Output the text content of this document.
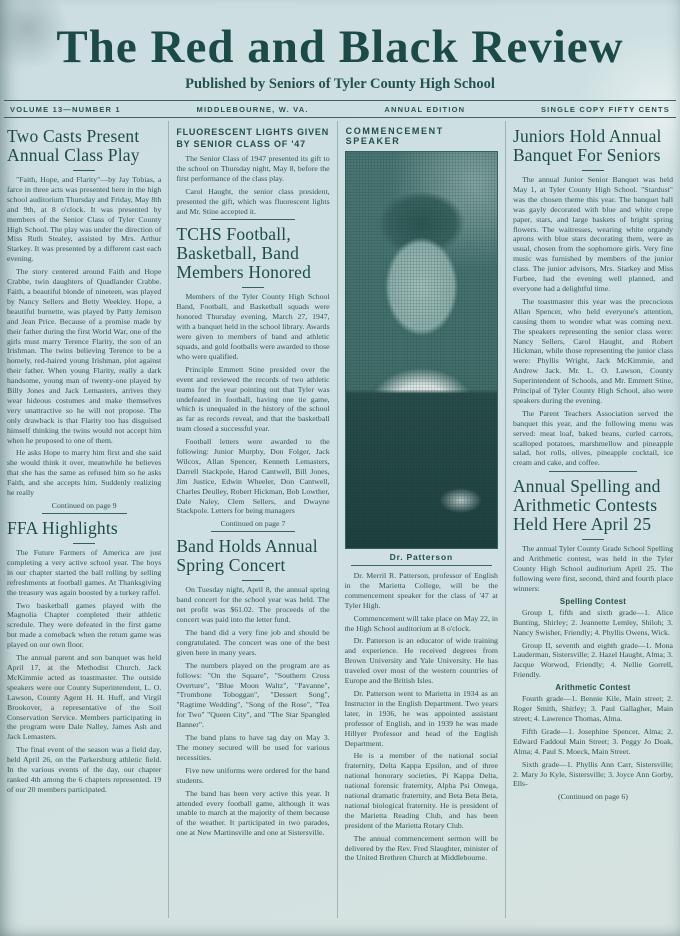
The Red and Black Review
Published by Seniors of Tyler County High School
VOLUME 13—NUMBER 1	MIDDLEBOURNE, W. VA.	ANNUAL EDITION	SINGLE COPY FIFTY CENTS
Two Casts Present Annual Class Play

"Faith, Hope, and Flarity"—by Jay Tobias, a farce in three acts was presented here in the high school auditorium Thursday and Friday, May 8th and 9th, at 8 o'clock. It was presented by members of the Senior Class of Tyler County High School. The play was under the direction of Miss Ruth Stealey, assisted by Mrs. Arthur Starkey. It was presented by a different cast each evening.

The story centered around Faith and Hope Crabbe, twin daughters of Quadlander Crabbe. Faith, a beautiful blonde of nineteen, was played by Nancy Sellers and Betty Weekley. Hope, a beautiful burnette, was played by Patty Jemison and Jean Price. Because of a promise made by their father during the first World War, one of the girls must marry Terence Flarity, the son of an Irishman. The twins believing Terence to be a homely, red-haired young Irishman, plot against their father. When young Flarity, really a dark handsome, young man of twenty-one played by Billy Jones and Jack Lemasters, arrives they wear hideous costumes and make themselves very unattractive so he will not propose. The only drawback is that Flarity too has disguised himself thinking the twins would not accept him when he proposed to one of them.

He asks Hope to marry him first and she said she would think it over, meanwhile he believes that she has the same as refused him so he asks Faith, and she accepts him. Suddenly realizing he really

Continued on page 9
FFA Highlights

The Future Farmers of America are just completing a very active school year. The boys in our chapter started the ball rolling by selling refreshments at football games. At Thanksgiving the treasury was again boosted by a turkey raffel.

Two basketball games played with the Magnolia Chapter completed their athletic scredule. They were defeated in the first game but made a comeback when the return game was played on our own floor.

The annual parent and son banquet was held April 17, at the Methodist Church. Jack McKimmie acted as toastmaster. The outside speakers were our County Superintendent, L. O. Lawson, County Agent H. H. Huff, and Virgil Brookover, a representative of the Soil Conservation Service. Members participating in the program were Dale Nalley, James Ash and Jack Lemasters.

The final event of the season was a field day, held April 26, on the Parkersburg athletic field. In the various events of the day, our chapter ranked 4th among the 6 chapters represented. 19 of our 20 members participated.

FLUORESCENT LIGHTS GIVEN BY SENIOR CLASS OF '47

The Senior Class of 1947 presented its gift to the school on Thursday night, May 8, before the first performance of the class play.

Carol Haught, the senior class president, presented the gift, which was fluorescent lights and Mr. Stine accepted it.

TCHS Football, Basketball, Band Members Honored

Members of the Tyler County High School Band, Football, and Basketball squads were honored Thursday evening, March 27, 1947, with a banquet held in the school library. Awards were given to members of band and athletic squads, and gold footballs were awarded to those who were qualified.

Principle Emmett Stine presided over the event and reviewed the records of two athletic teams for the year pointing out that Tyler was undefeated in football, having one tie game, which is unequaled in the history of the school as far as records reveal, and that the basketball team closed a successful year.

Football letters were awarded to the following: Junior Murphy, Don Folger, Jack Wilcox, Allan Spencer, Kenneth Lemasters, Darrell Stackpole, Harod Cantwell, Bill Jones, Jim Justice, Edwin Wheeler, Don Cantwell, Charles Deulley, Robert Hickman, Bob Lowther, Dale Naley, Clem Sellers, and Dwayne Stackpole. Letters for being managers

Continued on page 7
Band Holds Annual Spring Concert

On Tuesday night, April 8, the annual spring band concert for the school year was held. The net profit was $61.02. The proceeds of the concert was paid into the letter fund.

The band did a very fine job and should be congratulated. The concert was one of the best given here in many years.

The numbers played on the program are as follows: "On the Square", "Southern Cross Overture", "Blue Moon Waltz", "Pavanne", "Trombone Toboggan", "Dessert Song", "Ragtime Wedding", "Song of the Rose", "Tea for Two" "Queen City", and "The Star Spangled Banner".

The band plans to have tag day on May 3. The money secured will be used for various necessities.

Five new uniforms were ordered for the band students.

The band has been very active this year. It attended every football game, although it was unable to march at the majority of them because of the weather. It participated in two parades, one at New Martinsville and one at Sistersville.

COMMENCEMENT SPEAKER
Dr. Patterson

Dr. Merril R. Patterson, professor of English in the Marietta College, will be the commencement speaker for the class of '47 at Tyler High.

Commencement will take place on May 22, in the High School auditorium at 8 o'clock.

Dr. Patterson is an educator of wide training and experience. He received degrees from Brown University and Yale University. He has traveled over most of the western countries of Europe and the British Isles.

Dr. Patterson went to Marietta in 1934 as an Instructor in the English Department. Two years later, in 1936, he was appointed assistant professor of English, and in 1939 he was made Hillyer Professor and head of the English Department.

He is a member of the national social fraternity, Delta Kappa Epsilon, and of three national honorary societies, Pi Kappa Delta, national forensic fraternity, Alpha Psi Omega, national dramatic fraternity, and Beta Beta Beta, national biological fraternity. He is president of the Marietta Reading Club, and has been president of the Marietta Rotary Club.

The annual commencement sermon will be delivered by the Rev. Fred Slaughter, minister of the United Brethren Church at Middlebourne.

Juniors Hold Annual Banquet For Seniors

The annual Junior Senior Banquet was held May 1, at Tyler County High School. "Stardust" was the chosen theme this year. The banquet hall was gayly decorated with blue and white crepe paper, stars, and large baskets of bright spring flowers. The waitresses, wearing white organdy aprons with blue stars decorating them, were as usual, chosen from the sophomore girls. Very fine music was furnished by members of the junior class. The junior advisors, Mrs. Starkey and Miss Furbee, had the evening well planned, and everyone had a delightful time.

The toastmaster this year was the precocious Allan Spencer, who held everyone's attention, causing them to wonder what was coming next. The speakers representing the senior class were: Nancy Sellers, Carol Haught, and Robert Hickman, while those representing the junior class were: Phyllis Wright, Jack McKimmie, and Andrew Jack. Mr. L. O. Lawson, County Superintendent of Schools, and Mr. Emmett Stine, Principal of Tyler County High School, also were speakers during the evening.

The Parent Teachers Association served the banquet this year, and the following menu was served: meat loaf, baked beans, curled carrots, scalloped potatoes, marshmellow and pineapple salad, hot rolls, olives, pineapple cocktail, ice cream and cake, and coffee.

Annual Spelling and Arithmetic Contests Held Here April 25

The annual Tyler County Grade School Spelling and Arithmetic contest, was held in the Tyler County High School auditorium April 25. The following were first, second, third and fourth place winners:

Spelling Contest

Group I, fifth and sixth grade—1. Alice Bunting, Shirley; 2. Jeannette Lemley, Shiloh; 3. Nancy Swisher, Friendly; 4. Phyllis Owens, Wick.

Group II, seventh and eighth grade—1. Mona Lauderman, Sistersville; 2. Hazel Haught, Alma; 3. Jacque Worwod, Friendly; 4. Nellie Gorrell, Friendly.

Arithmetic Contest

Fourth grade—1. Bennie Kile, Main street; 2. Roger Smith, Shirley; 3. Paul Gallagher, Main street; 4. Lawrence Thomas, Alma.

Fifth Grade—1. Josephine Spencer, Alma; 2. Edward Faddoul Main Street; 3. Peggy Jo Doak, Alma; 4. Paul S. Moeck, Main Street.

Sixth grade—1. Phyllis Ann Carr, Sistersville; 2. Mary Jo Kyle, Sistersville; 3. Joyce Ann Gorby, Ells-

(Continued on page 6)
